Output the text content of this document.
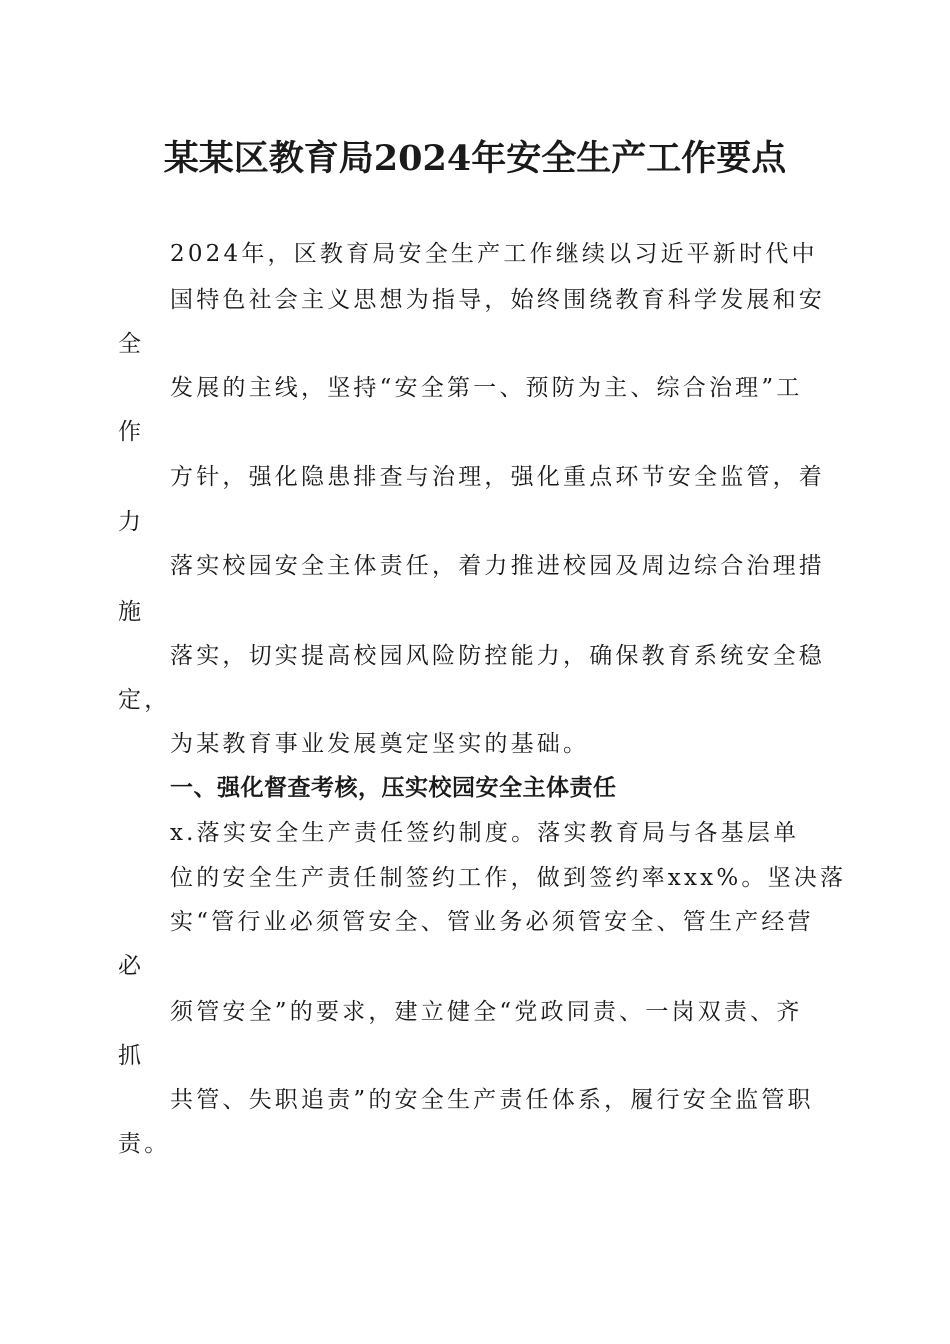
某某区教育局2024年安全生产工作要点

2024年，区教育局安全生产工作继续以习近平新时代中

国特色社会主义思想为指导，始终围绕教育科学发展和安

全

发展的主线，坚持“安全第一、预防为主、综合治理”工

作

方针，强化隐患排查与治理，强化重点环节安全监管，着

力

落实校园安全主体责任，着力推进校园及周边综合治理措

施

落实，切实提高校园风险防控能力，确保教育系统安全稳

定，

为某教育事业发展奠定坚实的基础。

一、强化督查考核，压实校园安全主体责任

x.落实安全生产责任签约制度。落实教育局与各基层单

位的安全生产责任制签约工作，做到签约率xxx%。坚决落

实“管行业必须管安全、管业务必须管安全、管生产经营

必

须管安全”的要求，建立健全“党政同责、一岗双责、齐

抓

共管、失职追责”的安全生产责任体系，履行安全监管职

责。
